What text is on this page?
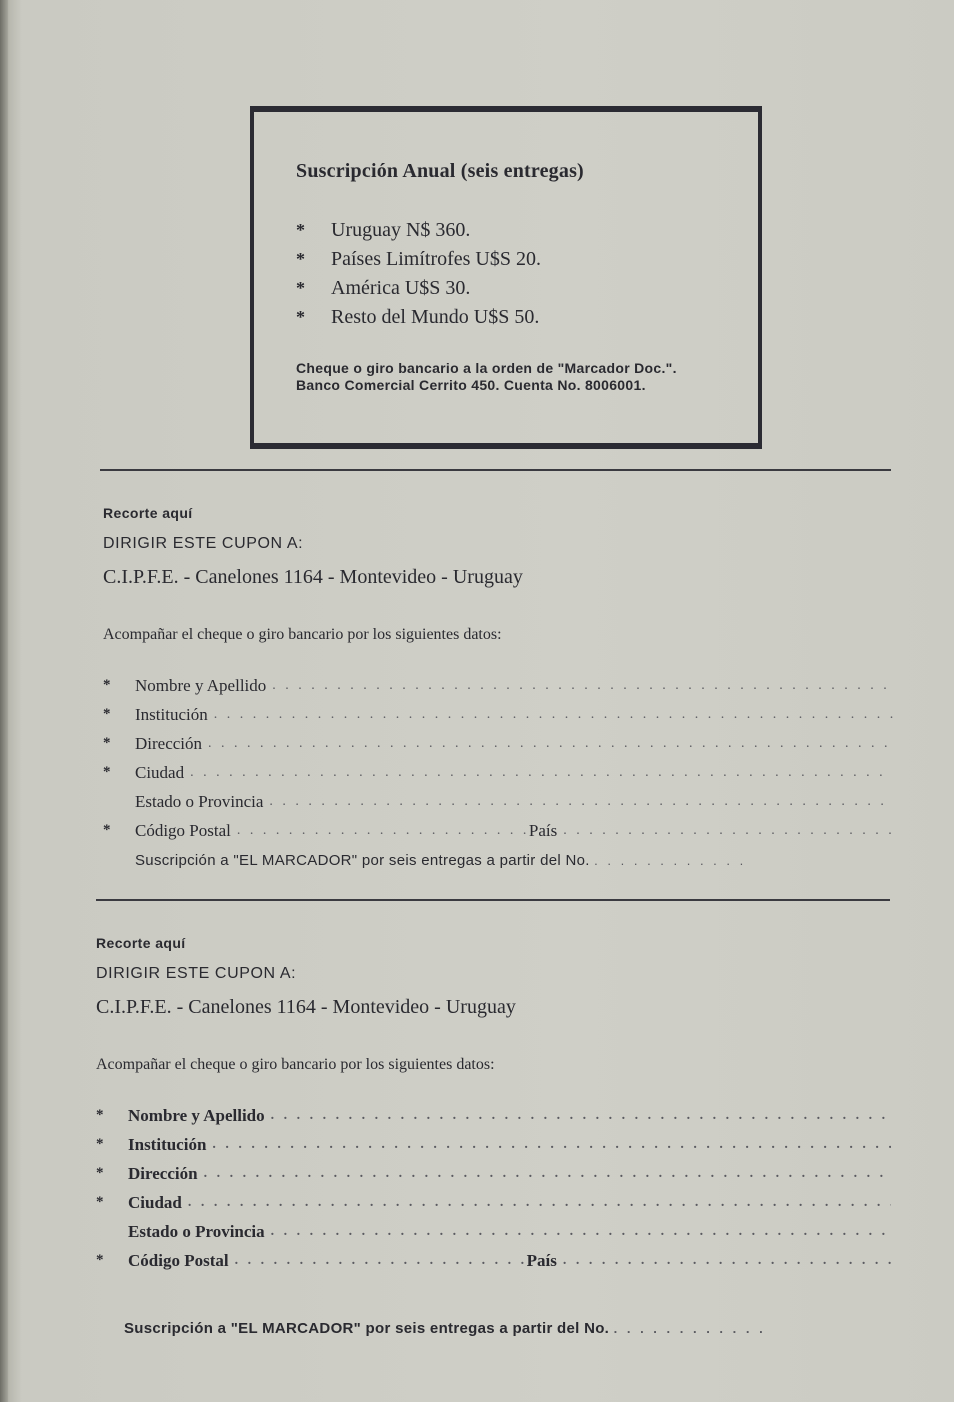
Suscripción Anual (seis entregas)
*	Uruguay N$ 360.
*	Países Limítrofes U$S 20.
*	América U$S 30.
*	Resto del Mundo U$S 50.
Cheque o giro bancario a la orden de "Marcador Doc.".
Banco Comercial Cerrito 450. Cuenta No. 8006001.
Recorte aquí
DIRIGIR ESTE CUPON A:
C.I.P.F.E. - Canelones 1164 - Montevideo - Uruguay
Acompañar el cheque o giro bancario por los siguientes datos:
*	Nombre y Apellido
. . .
*	Institución
. . .
*	Dirección
. . .
*	Ciudad
. . .
Estado o Provincia
. . .
*	Código Postal . . .	País
. . .
Suscripción a "EL MARCADOR" por seis entregas a partir del No. . . . . . . . . . . . .
Recorte aquí
DIRIGIR ESTE CUPON A:
C.I.P.F.E. - Canelones 1164 - Montevideo - Uruguay
Acompañar el cheque o giro bancario por los siguientes datos:
*	Nombre y Apellido
. . .
*	Institución
. . .
*	Dirección
. . .
*	Ciudad
. . .
Estado o Provincia
. . .
*	Código Postal . . .	País
. . .
Suscripción a "EL MARCADOR" por seis entregas a partir del No. . . . . . . . . . . . .
